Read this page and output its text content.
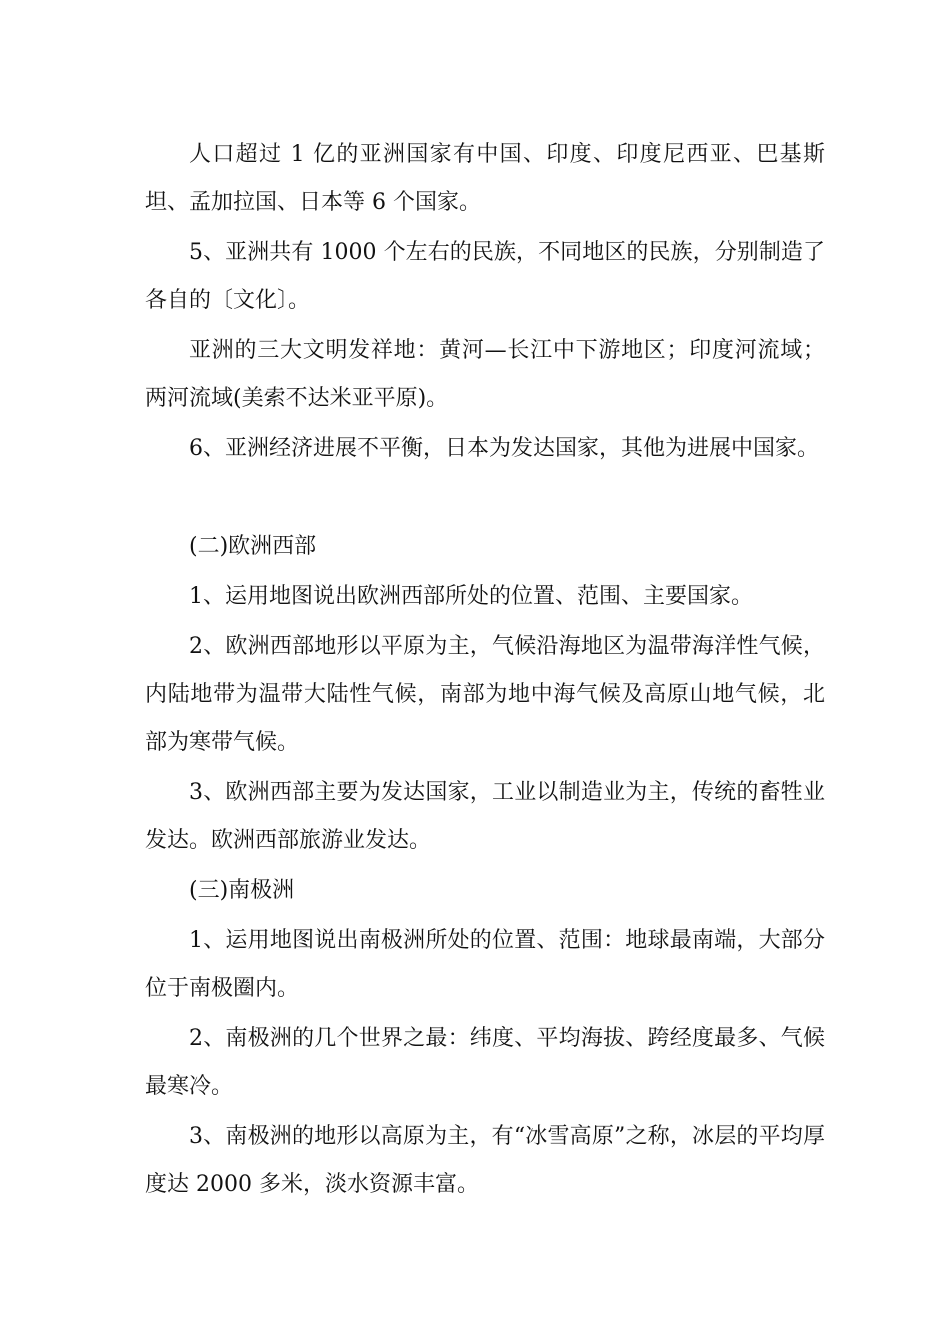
人口超过 1 亿的亚洲国家有中国、印度、印度尼西亚、巴基斯坦、孟加拉国、日本等 6 个国家。

5、亚洲共有 1000 个左右的民族，不同地区的民族，分别制造了各自的〔文化〕。

亚洲的三大文明发祥地：黄河—长江中下游地区；印度河流域；两河流域(美索不达米亚平原)。

6、亚洲经济进展不平衡，日本为发达国家，其他为进展中国家。

(二)欧洲西部

1、运用地图说出欧洲西部所处的位置、范围、主要国家。

2、欧洲西部地形以平原为主，气候沿海地区为温带海洋性气候，内陆地带为温带大陆性气候，南部为地中海气候及高原山地气候，北部为寒带气候。

3、欧洲西部主要为发达国家，工业以制造业为主，传统的畜牲业发达。欧洲西部旅游业发达。

(三)南极洲

1、运用地图说出南极洲所处的位置、范围：地球最南端，大部分位于南极圈内。

2、南极洲的几个世界之最：纬度、平均海拔、跨经度最多、气候最寒冷。

3、南极洲的地形以高原为主，有“冰雪高原”之称，冰层的平均厚度达 2000 多米，淡水资源丰富。
